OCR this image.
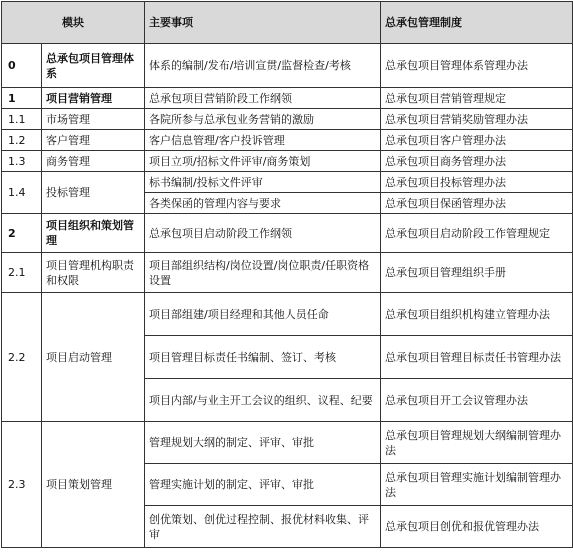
模块		主要事项	总承包管理制度
0	总承包项目管理体系	体系的编制/发布/培训宣贯/监督检查/考核	总承包项目管理体系管理办法
1	项目营销管理	总承包项目营销阶段工作纲领	总承包项目营销管理规定
1.1	市场管理	各院所参与总承包业务营销的激励	总承包项目营销奖励管理办法
1.2	客户管理	客户信息管理/客户投诉管理	总承包项目客户管理办法
1.3	商务管理	项目立项/招标文件评审/商务策划	总承包项目商务管理办法
1.4	投标管理	标书编制/投标文件评审	总承包项目投标管理办法
		各类保函的管理内容与要求	总承包项目保函管理办法
2	项目组织和策划管理	总承包项目启动阶段工作纲领	总承包项目启动阶段工作管理规定
2.1	项目管理机构职责和权限	项目部组织结构/岗位设置/岗位职责/任职资格设置	总承包项目管理组织手册
2.2	项目启动管理	项目部组建/项目经理和其他人员任命	总承包项目组织机构建立管理办法
		项目管理目标责任书编制、签订、考核	总承包项目管理目标责任书管理办法
		项目内部/与业主开工会议的组织、议程、纪要	总承包项目开工会议管理办法
2.3	项目策划管理	管理规划大纲的制定、评审、审批	总承包项目管理规划大纲编制管理办法
		管理实施计划的制定、评审、审批	总承包项目管理实施计划编制管理办法
		创优策划、创优过程控制、报优材料收集、评审	总承包项目创优和报优管理办法
